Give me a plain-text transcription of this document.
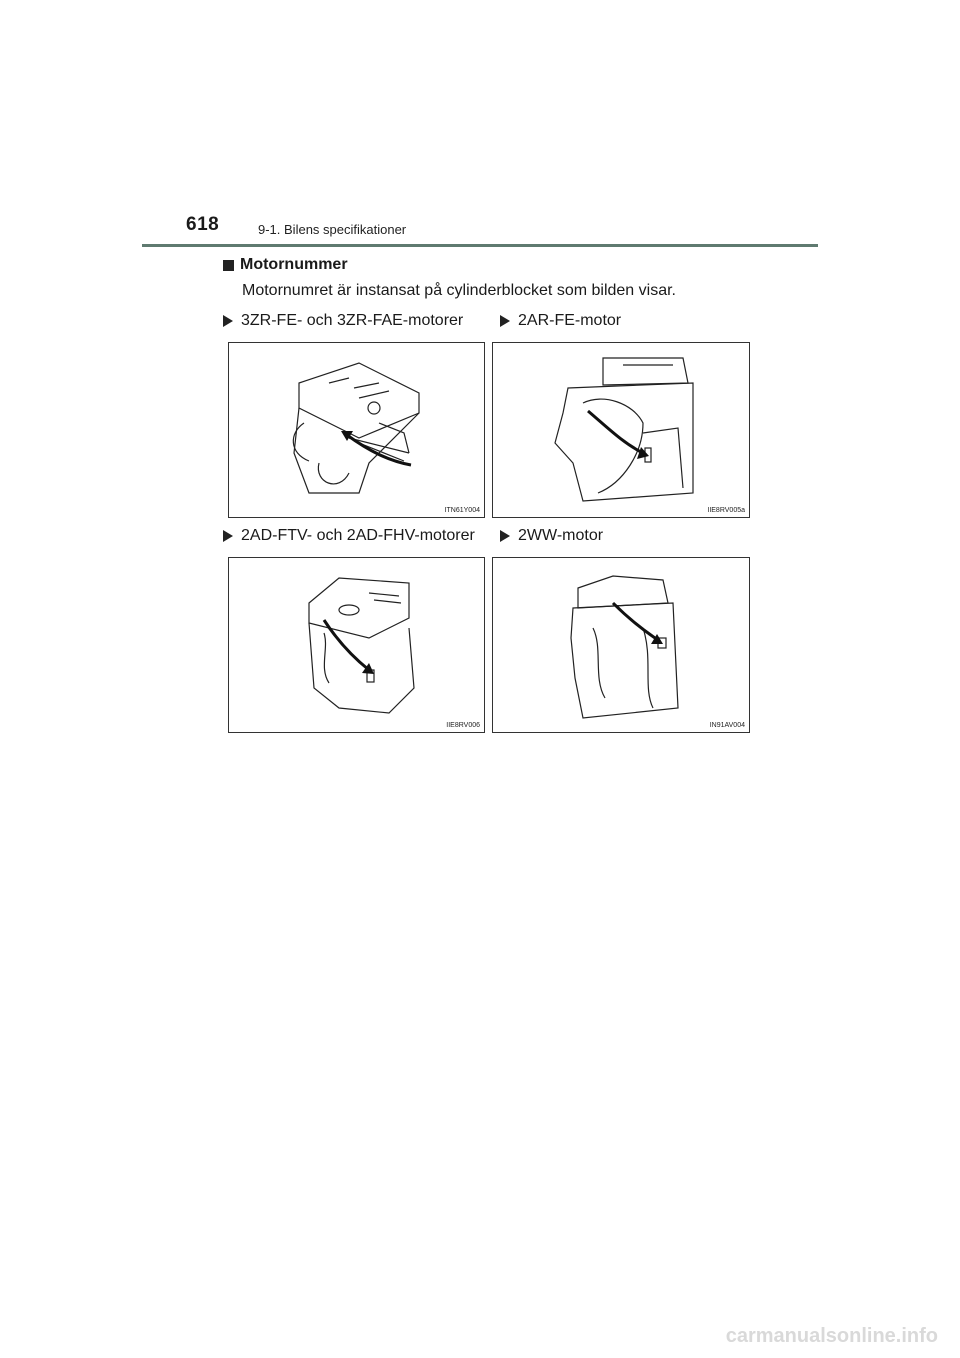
618	9-1. Bilens specifikationer
Motornummer
Motornumret är instansat på cylinderblocket som bilden visar.
3ZR-FE- och 3ZR-FAE-motorer	2AR-FE-motor
2AD-FTV- och 2AD-FHV-motorer	2WW-motor
ITN61Y004	IIE8RV005a
IIE8RV006	IN91AV004
carmanualsonline.info
